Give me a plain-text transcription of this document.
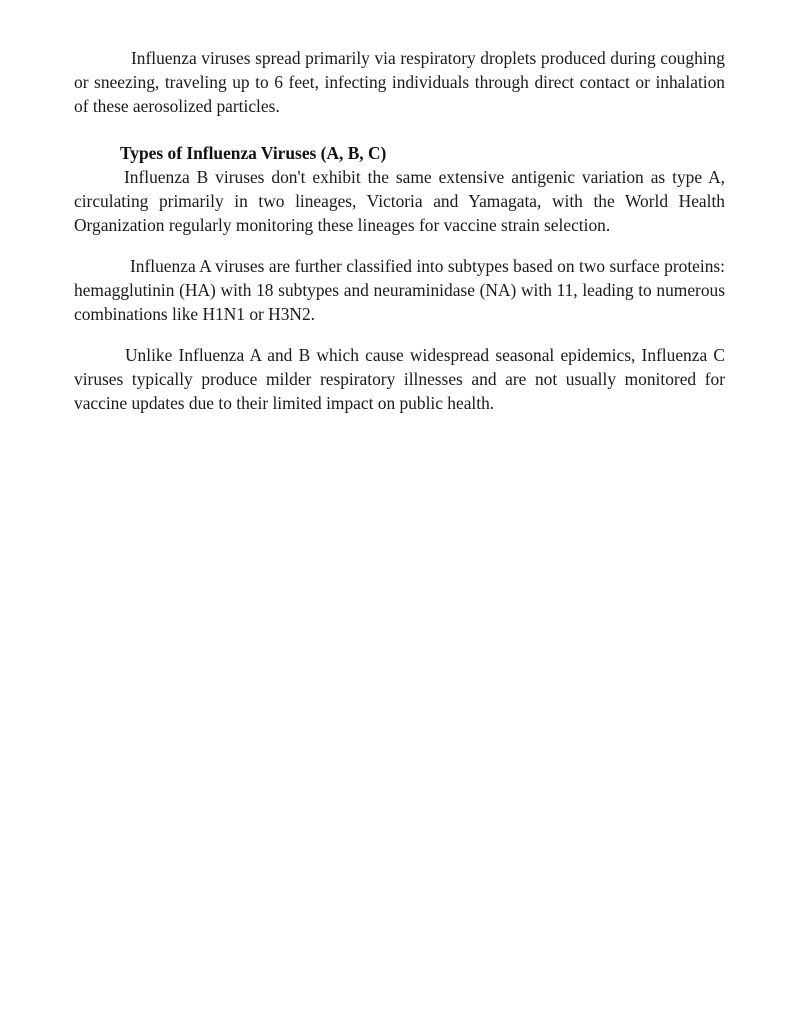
Influenza viruses spread primarily via respiratory droplets produced during coughing or sneezing, traveling up to 6 feet, infecting individuals through direct contact or inhalation of these aerosolized particles.

Types of Influenza Viruses (A, B, C)

Influenza B viruses don't exhibit the same extensive antigenic variation as type A, circulating primarily in two lineages, Victoria and Yamagata, with the World Health Organization regularly monitoring these lineages for vaccine strain selection.

Influenza A viruses are further classified into subtypes based on two surface proteins: hemagglutinin (HA) with 18 subtypes and neuraminidase (NA) with 11, leading to numerous combinations like H1N1 or H3N2.

Unlike Influenza A and B which cause widespread seasonal epidemics, Influenza C viruses typically produce milder respiratory illnesses and are not usually monitored for vaccine updates due to their limited impact on public health.
